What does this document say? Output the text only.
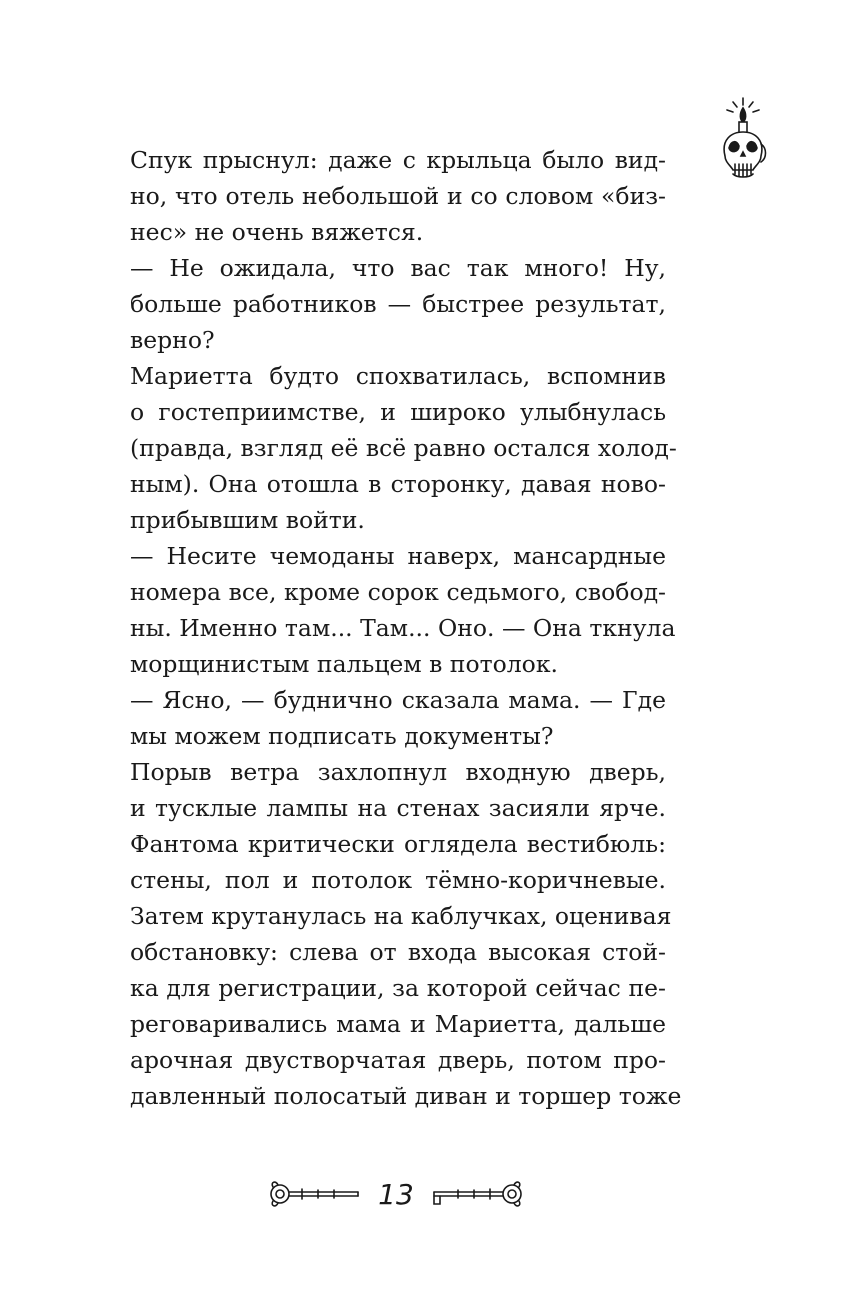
Спук прыснул: даже с крыльца было вид-
но, что отель небольшой и со словом «биз-
нес» не очень вяжется.
— Не ожидала, что вас так много! Ну,
больше работников — быстрее результат,
верно?
Мариетта будто спохватилась, вспомнив
о гостеприимстве, и широко улыбнулась
(правда, взгляд её всё равно остался холод-
ным). Она отошла в сторонку, давая ново-
прибывшим войти.
— Несите чемоданы наверх, мансардные
номера все, кроме сорок седьмого, свобод-
ны. Именно там... Там... Оно. — Она ткнула
морщинистым пальцем в потолок.
— Ясно, — буднично сказала мама. — Где
мы можем подписать документы?
Порыв ветра захлопнул входную дверь,
и тусклые лампы на стенах засияли ярче.
Фантома критически оглядела вестибюль:
стены, пол и потолок тёмно-коричневые.
Затем крутанулась на каблучках, оценивая
обстановку: слева от входа высокая стой-
ка для регистрации, за которой сейчас пе-
реговаривались мама и Мариетта, дальше
арочная двустворчатая дверь, потом про-
давленный полосатый диван и торшер тоже
13
